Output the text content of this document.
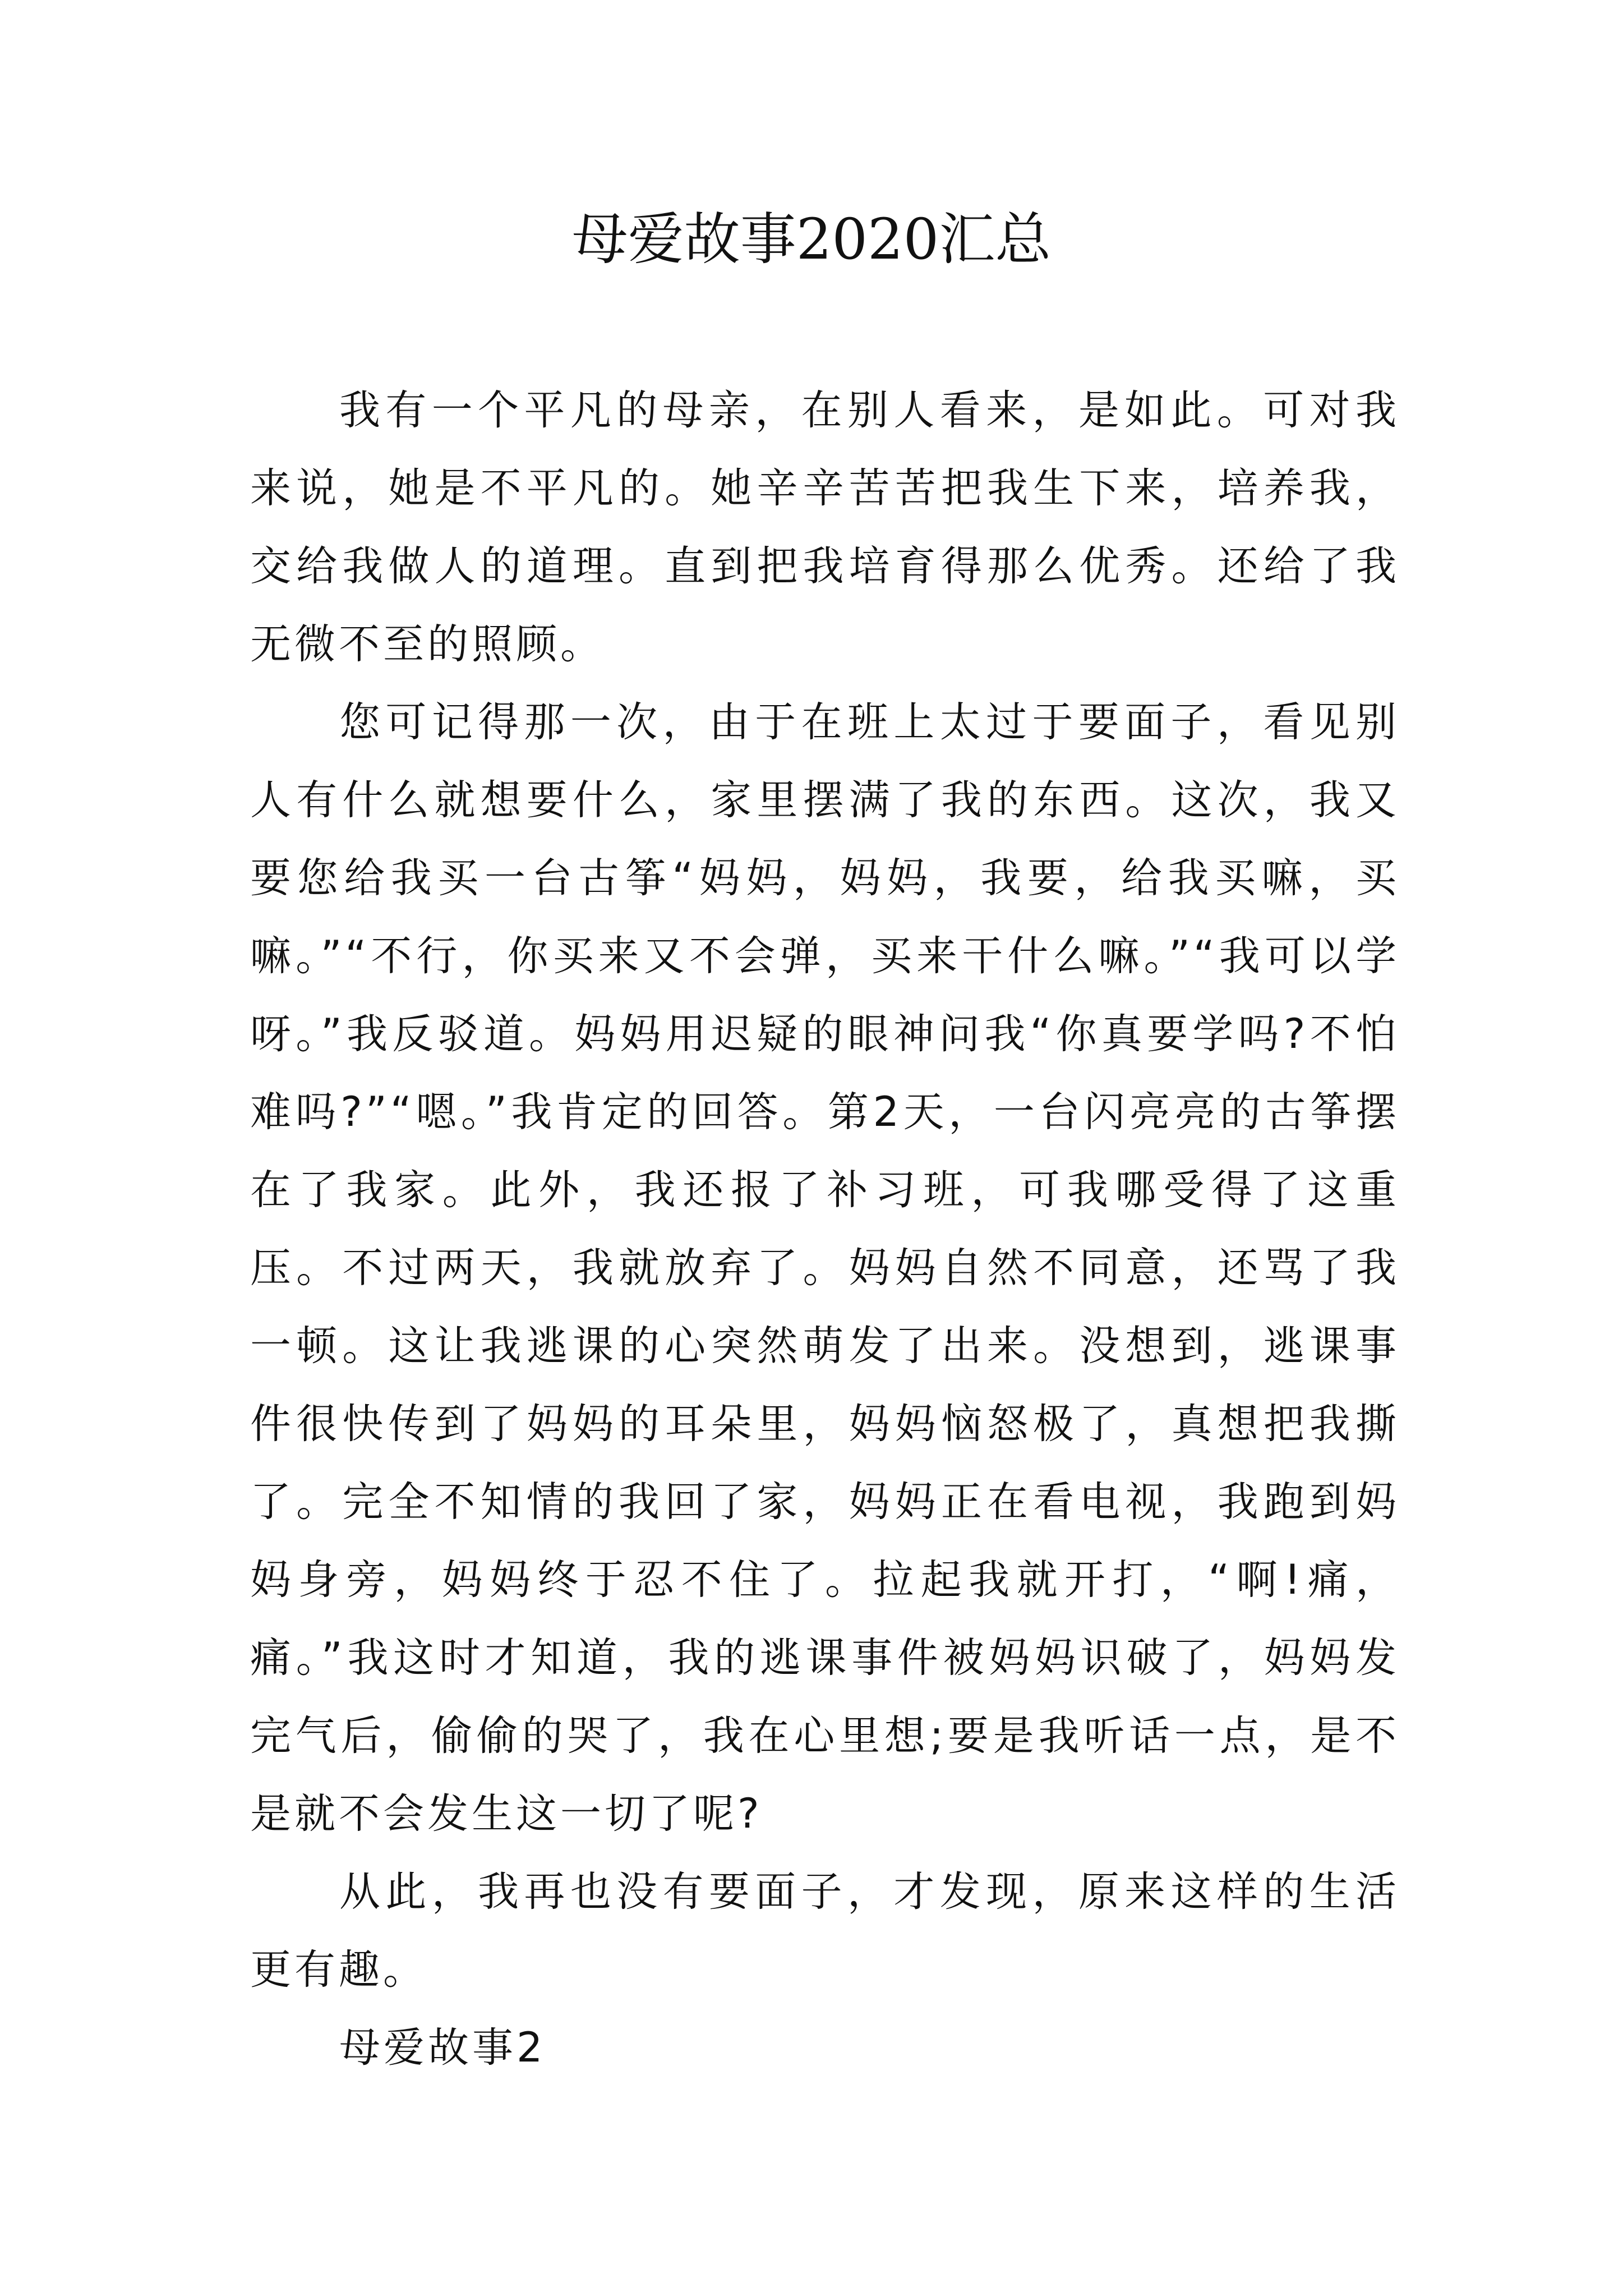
母爱故事2020汇总

我有一个平凡的母亲，在别人看来，是如此。可对我来说，她是不平凡的。她辛辛苦苦把我生下来，培养我，交给我做人的道理。直到把我培育得那么优秀。还给了我无微不至的照顾。

您可记得那一次，由于在班上太过于要面子，看见别人有什么就想要什么，家里摆满了我的东西。这次，我又要您给我买一台古筝“妈妈，妈妈，我要，给我买嘛，买嘛。”“不行，你买来又不会弹，买来干什么嘛。”“我可以学呀。”我反驳道。妈妈用迟疑的眼神问我“你真要学吗?不怕难吗?”“嗯。”我肯定的回答。第2天，一台闪亮亮的古筝摆在了我家。此外，我还报了补习班，可我哪受得了这重压。不过两天，我就放弃了。妈妈自然不同意，还骂了我一顿。这让我逃课的心突然萌发了出来。没想到，逃课事件很快传到了妈妈的耳朵里，妈妈恼怒极了，真想把我撕了。完全不知情的我回了家，妈妈正在看电视，我跑到妈妈身旁，妈妈终于忍不住了。拉起我就开打，“啊!痛，痛。”我这时才知道，我的逃课事件被妈妈识破了，妈妈发完气后，偷偷的哭了，我在心里想;要是我听话一点，是不是就不会发生这一切了呢?

从此，我再也没有要面子，才发现，原来这样的生活更有趣。

母爱故事2
